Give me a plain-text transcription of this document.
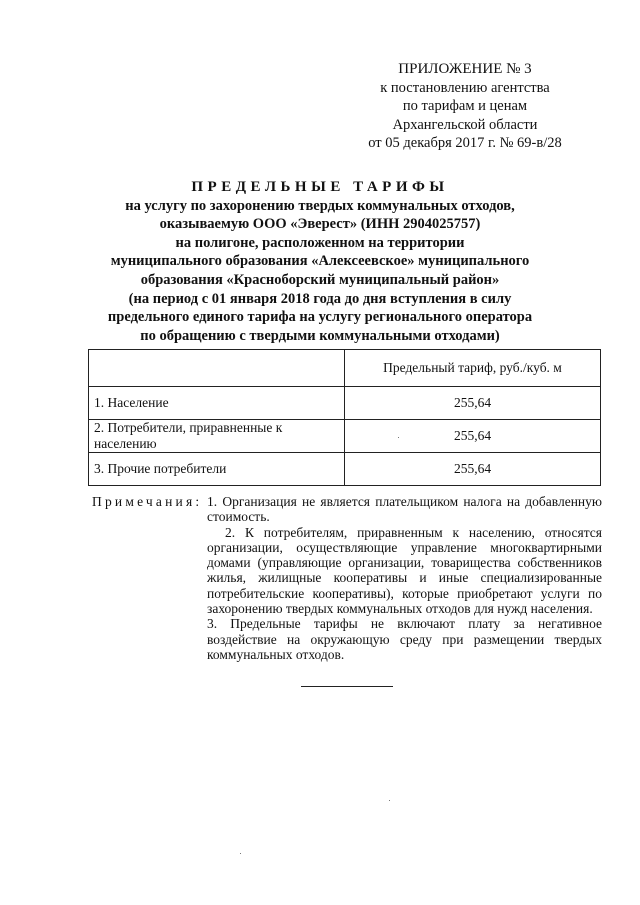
ПРИЛОЖЕНИЕ № 3
к постановлению агентства
по тарифам и ценам
Архангельской области
от 05 декабря 2017 г. № 69-в/28
ПРЕДЕЛЬНЫЕ ТАРИФЫ
на услугу по захоронению твердых коммунальных отходов,
оказываемую ООО «Эверест» (ИНН 2904025757)
на полигоне, расположенном на территории
муниципального образования «Алексеевское» муниципального
образования «Красноборский муниципальный район»
(на период с 01 января 2018 года до дня вступления в силу
предельного единого тарифа на услугу регионального оператора
по обращению с твердыми коммунальными отходами)
	Предельный тариф, руб./куб. м
1. Население	255,64
2. Потребители, приравненные к населению	255,64
3. Прочие потребители	255,64
Примечания: 1. Организация не является плательщиком налога на добавленную стоимость.
2. К потребителям, приравненным к населению, относятся организации, осуществляющие управление многоквартирными домами (управляющие организации, товарищества собственников жилья, жилищные кооперативы и иные специализированные потребительские кооперативы), которые приобретают услуги по захоронению твердых коммунальных отходов для нужд населения.
3. Предельные тарифы не включают плату за негативное воздействие на окружающую среду при размещении твердых коммунальных отходов.
